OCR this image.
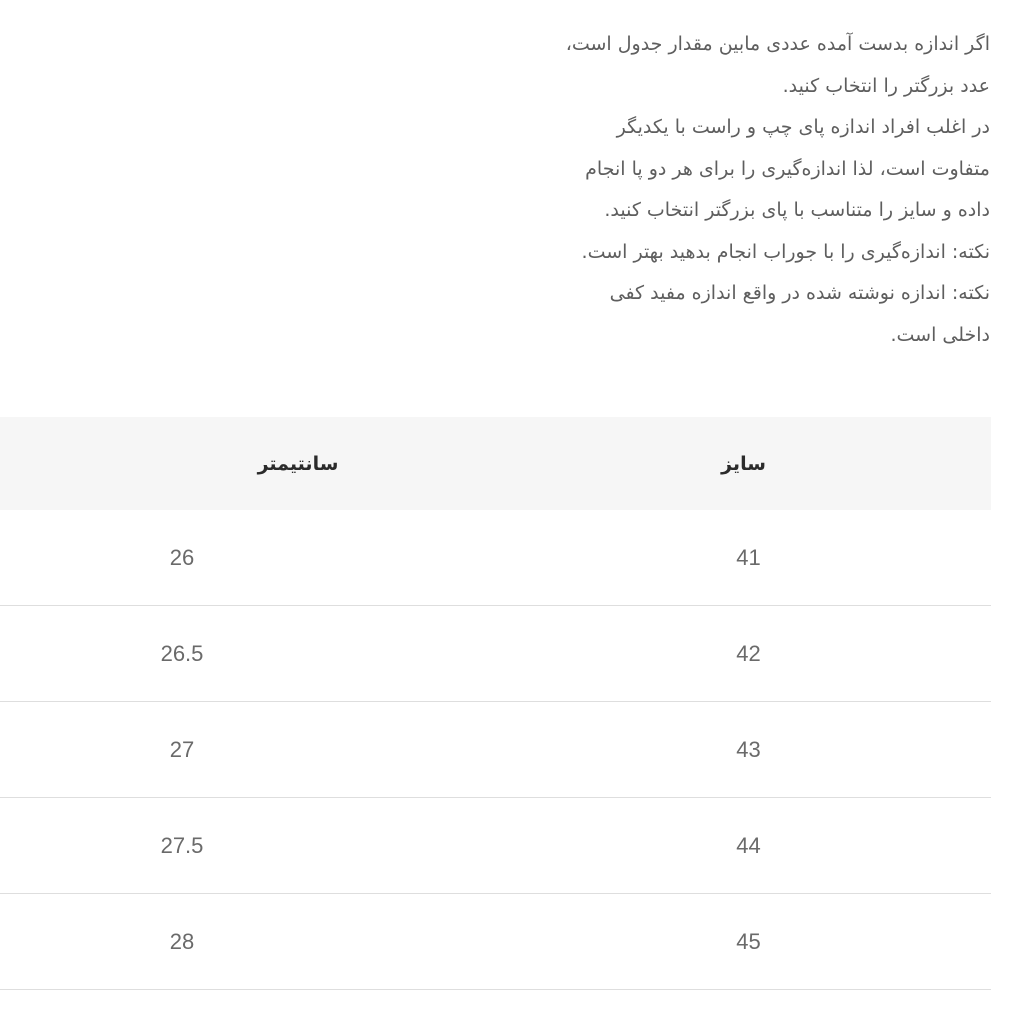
اگر اندازه بدست آمده عددی مابین مقدار جدول است،
عدد بزرگتر را انتخاب کنید.
در اغلب افراد اندازه پای چپ و راست با یکدیگر
متفاوت است، لذا اندازه‌گیری را برای هر دو پا انجام
داده و سایز را متناسب با پای بزرگتر انتخاب کنید.
نکته: اندازه‌گیری را با جوراب انجام بدهید بهتر است.
نکته: اندازه نوشته شده در واقع اندازه مفید کفی
داخلی است.
سایز	سانتیمتر
41	26
42	26.5
43	27
44	27.5
45	28
